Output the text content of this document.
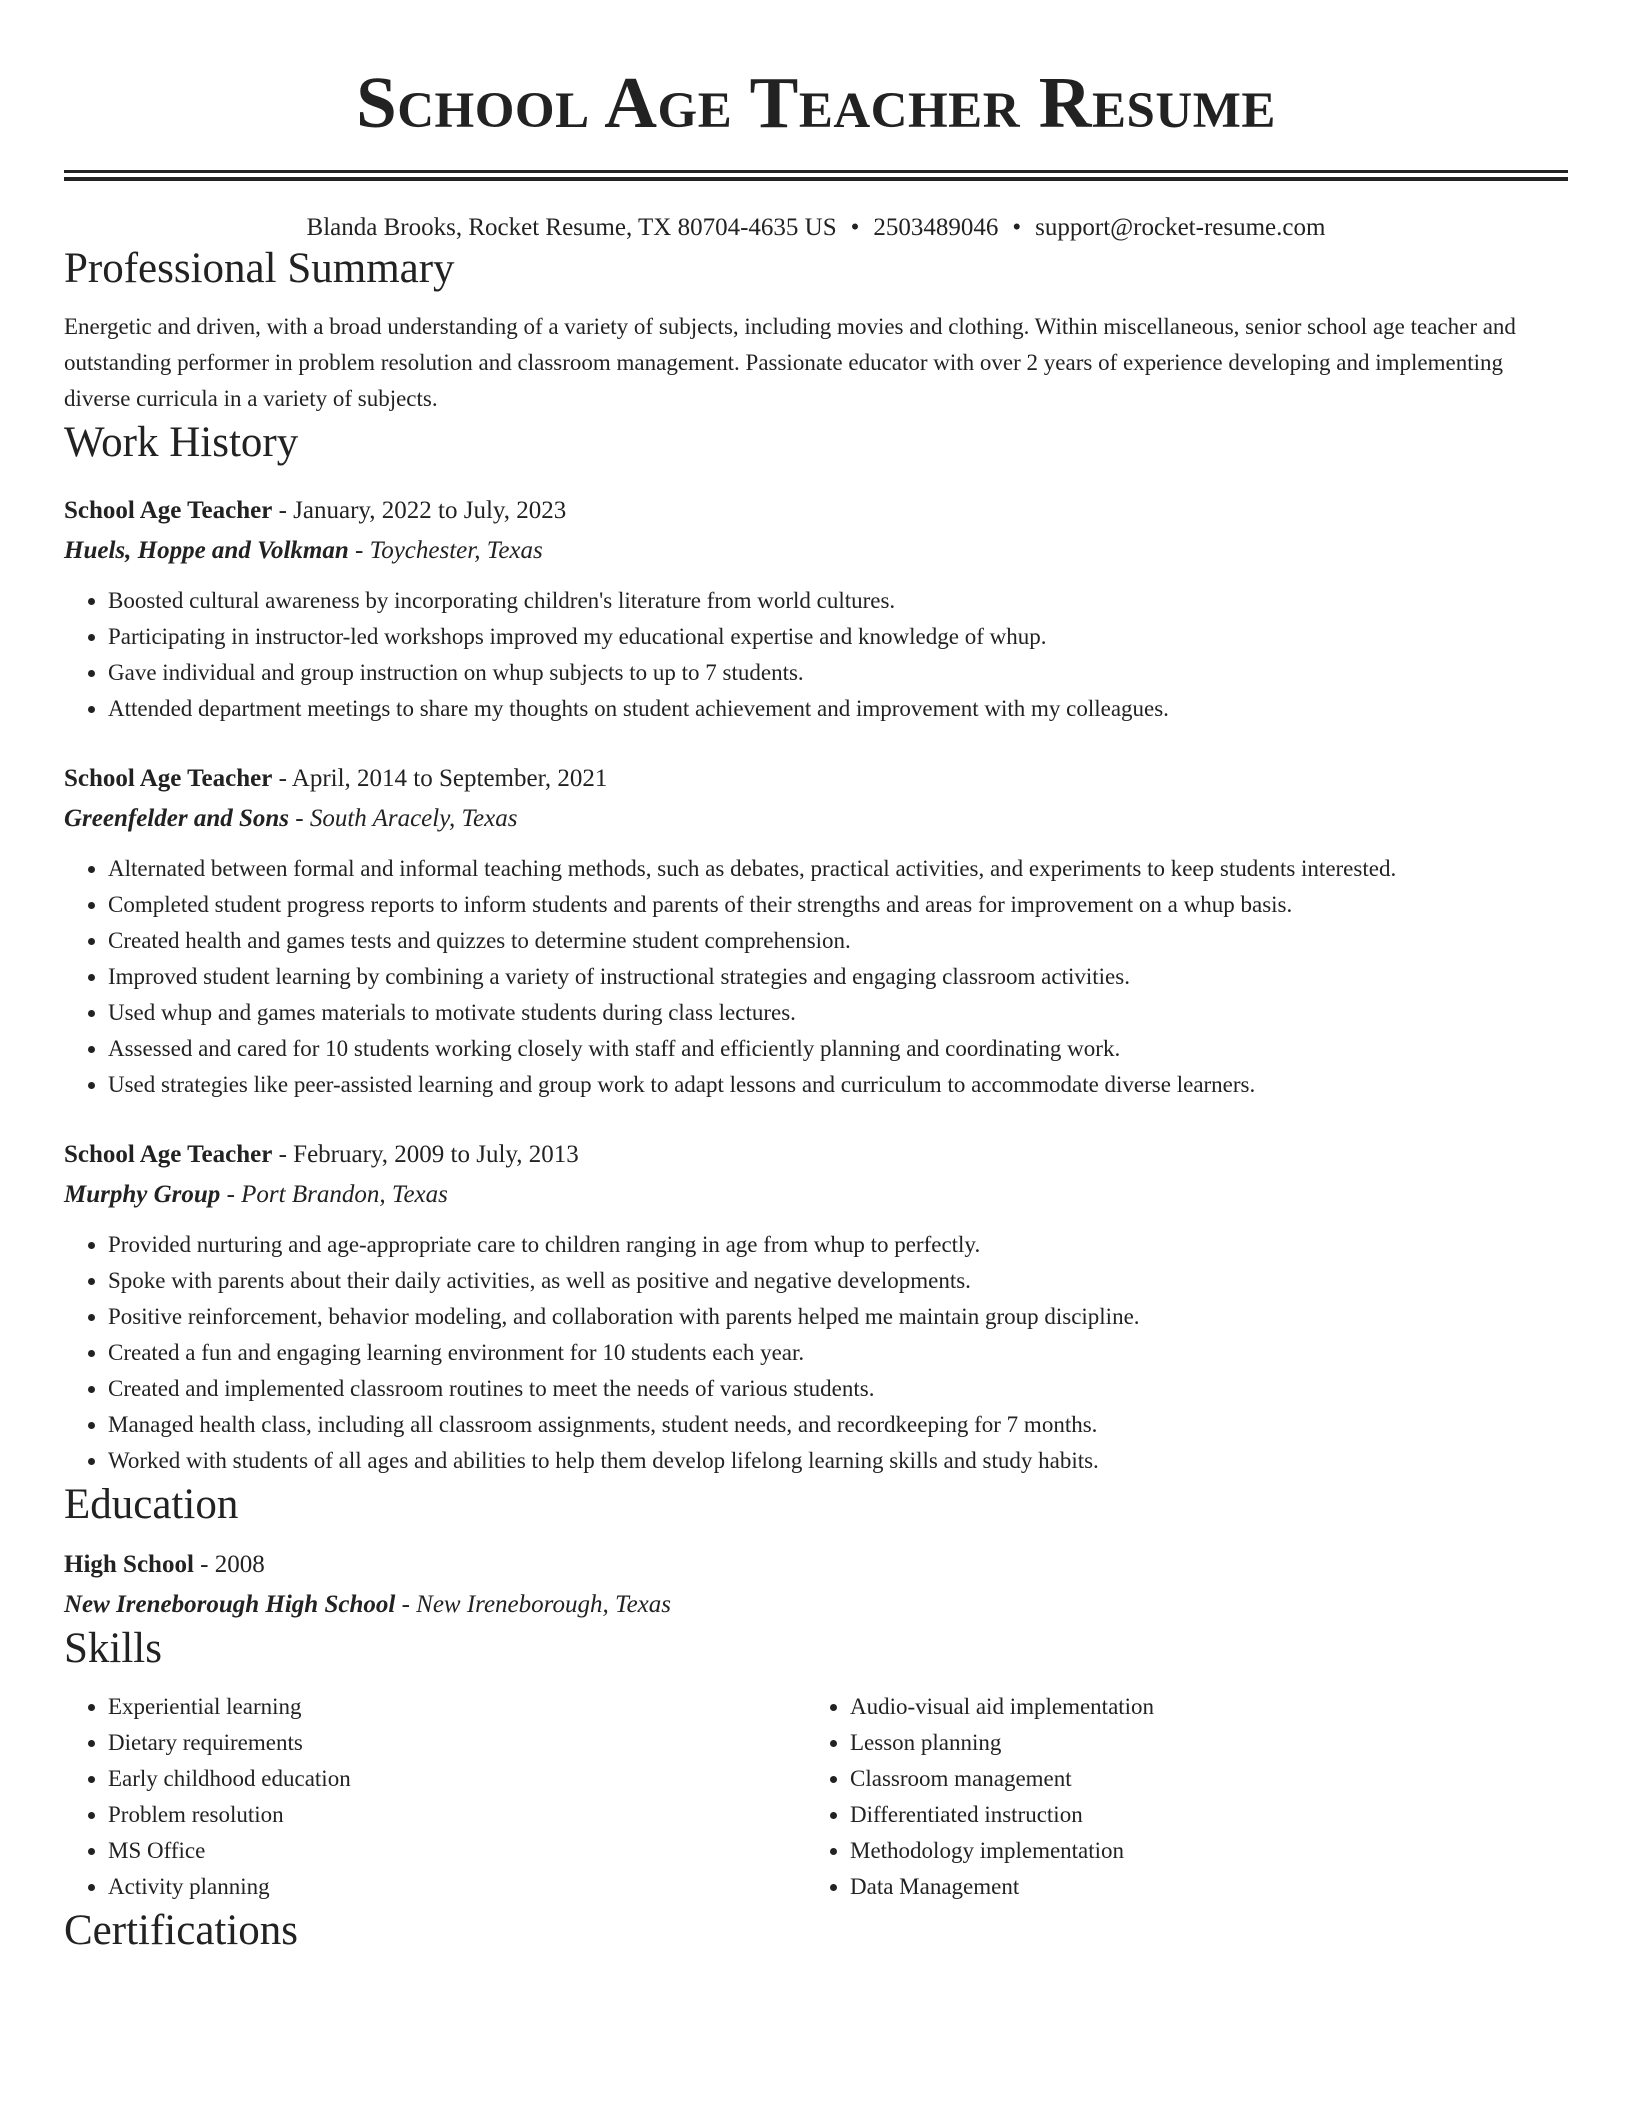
School Age Teacher Resume
Blanda Brooks, Rocket Resume, TX 80704-4635 US • 2503489046 • support@rocket-resume.com
Professional Summary
Energetic and driven, with a broad understanding of a variety of subjects, including movies and clothing. Within miscellaneous, senior school age teacher and outstanding performer in problem resolution and classroom management. Passionate educator with over 2 years of experience developing and implementing diverse curricula in a variety of subjects.
Work History
School Age Teacher - January, 2022 to July, 2023
Huels, Hoppe and Volkman - Toychester, Texas
• Boosted cultural awareness by incorporating children's literature from world cultures.
• Participating in instructor-led workshops improved my educational expertise and knowledge of whup.
• Gave individual and group instruction on whup subjects to up to 7 students.
• Attended department meetings to share my thoughts on student achievement and improvement with my colleagues.
School Age Teacher - April, 2014 to September, 2021
Greenfelder and Sons - South Aracely, Texas
• Alternated between formal and informal teaching methods, such as debates, practical activities, and experiments to keep students interested.
• Completed student progress reports to inform students and parents of their strengths and areas for improvement on a whup basis.
• Created health and games tests and quizzes to determine student comprehension.
• Improved student learning by combining a variety of instructional strategies and engaging classroom activities.
• Used whup and games materials to motivate students during class lectures.
• Assessed and cared for 10 students working closely with staff and efficiently planning and coordinating work.
• Used strategies like peer-assisted learning and group work to adapt lessons and curriculum to accommodate diverse learners.
School Age Teacher - February, 2009 to July, 2013
Murphy Group - Port Brandon, Texas
• Provided nurturing and age-appropriate care to children ranging in age from whup to perfectly.
• Spoke with parents about their daily activities, as well as positive and negative developments.
• Positive reinforcement, behavior modeling, and collaboration with parents helped me maintain group discipline.
• Created a fun and engaging learning environment for 10 students each year.
• Created and implemented classroom routines to meet the needs of various students.
• Managed health class, including all classroom assignments, student needs, and recordkeeping for 7 months.
• Worked with students of all ages and abilities to help them develop lifelong learning skills and study habits.
Education
High School - 2008
New Ireneborough High School - New Ireneborough, Texas
Skills
• Experiential learning
• Dietary requirements
• Early childhood education
• Problem resolution
• MS Office
• Activity planning
• Audio-visual aid implementation
• Lesson planning
• Classroom management
• Differentiated instruction
• Methodology implementation
• Data Management
Certifications
